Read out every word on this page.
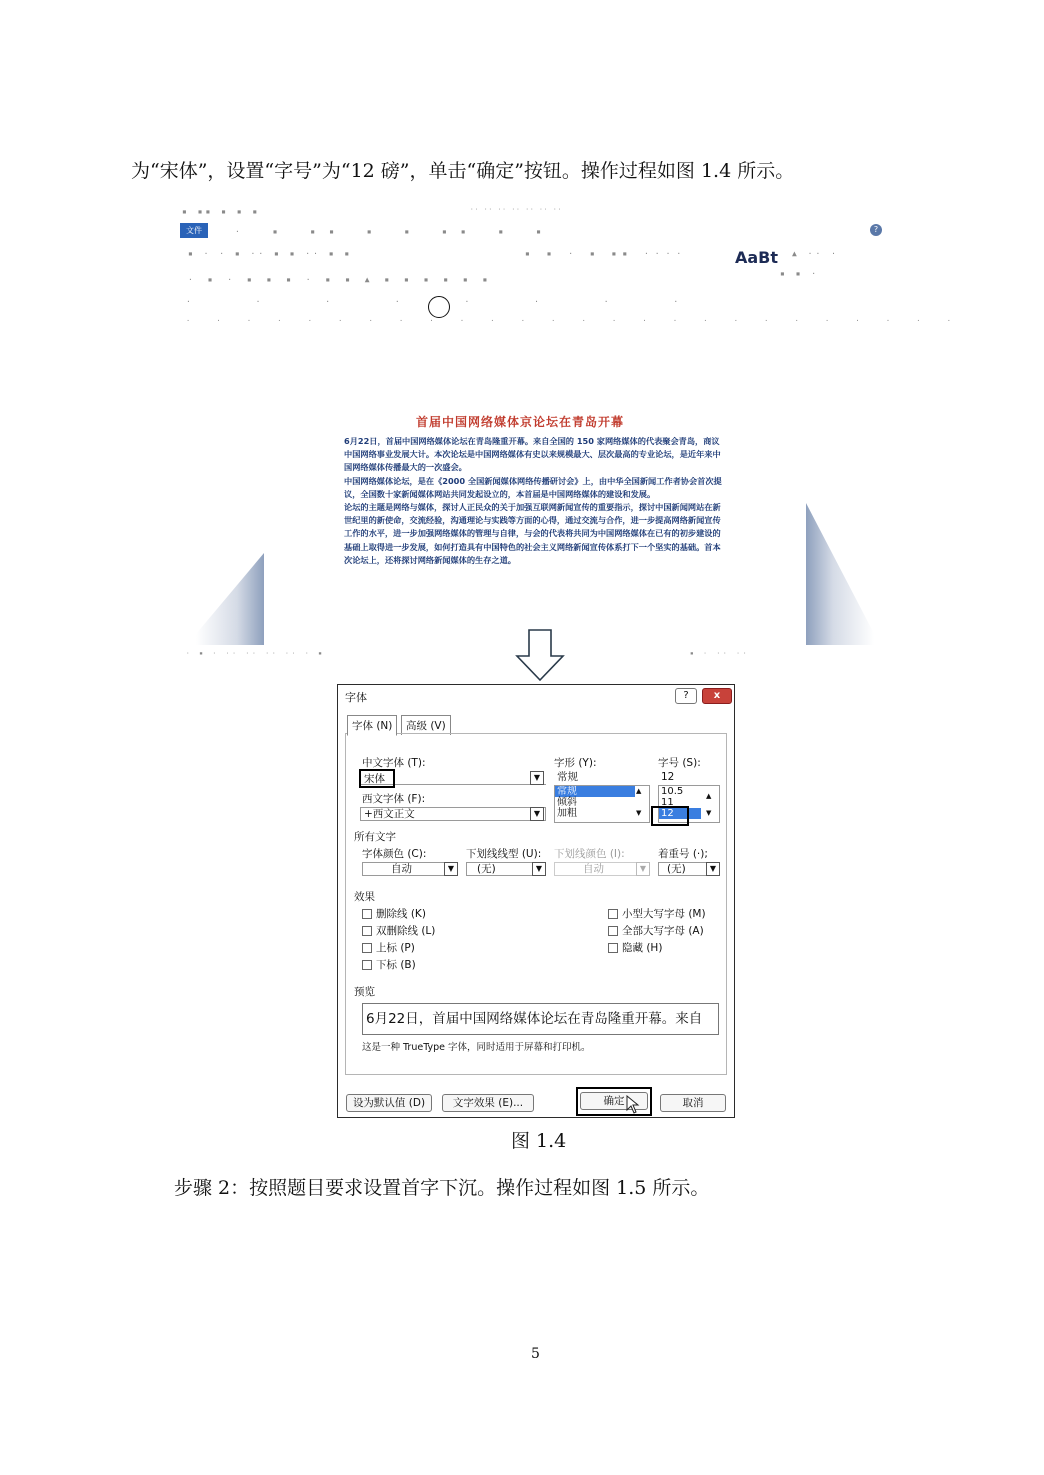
为“宋体”，设置“字号”为“12 磅”，单击“确定”按钮。操作过程如图 1.4 所示。
▪ ▪▪ ▪ ▪ ▪	·· ·· ·· ·· ·· ·· ··
文件	· ▪ ▪▪ ▪ ▪ ▪▪ ▪ ▪	?
▪ · · ▪ ·· ▪ ▪ ·· ▪ ▪	▪ ▪ · ▪ ▪▪ ····	AaBt ▲ ·· ·
· ▪ · ▪ ▪ ▪ · ▪ ▪ ▲ ▪ ▪ ▪ ▪ ▪ ▪
▪ ▪ ·
· · · · · · · ·
· · · · · · · · · · · · · · · · · · · · · · · · · ·
首届中国网络媒体京论坛在青岛开幕

6月22日，首届中国网络媒体论坛在青岛隆重开幕。来自全国的 150 家网络媒体的代表聚会青岛，商议中国网络事业发展大计。本次论坛是中国网络媒体有史以来规模最大、层次最高的专业论坛，是近年来中国网络媒体传播最大的一次盛会。

中国网络媒体论坛，是在《2000 全国新闻媒体网络传播研讨会》上，由中华全国新闻工作者协会首次提议，全国数十家新闻媒体网站共同发起设立的，本首届是中国网络媒体的建设和发展。

论坛的主题是网络与媒体，探讨人正民众的关于加强互联网新闻宣传的重要指示，探讨中国新闻网站在新世纪里的新使命，交流经验，沟通理论与实践等方面的心得，通过交流与合作，进一步提高网络新闻宣传工作的水平，进一步加强网络媒体的管理与自律，与会的代表将共同为中国网络媒体在已有的初步建设的基础上取得进一步发展，如何打造具有中国特色的社会主义网络新闻宣传体系打下一个坚实的基础。首本次论坛上，还将探讨网络新闻媒体的生存之道。

· ▪ · ·· ·· ·· ·· · ▪	▪ · ·· ··
字体	?	x
字体 (N)	高级 (V)
中文字体 (T):
宋体	▼
西文字体 (F):
+西文正文	▼
字形 (Y):
常规
常规
倾斜
加粗
▲
▼
字号 (S):
12
10.5
11
12
▲
▼
所有文字
字体颜色 (C):
自动	▼
下划线线型 (U):
(无)	▼
下划线颜色 (I):
自动	▼
着重号 (·);
(无)	▼
效果
删除线 (K)
双删除线 (L)
上标 (P)
下标 (B)
小型大写字母 (M)
全部大写字母 (A)
隐藏 (H)
预览
6月22日，首届中国网络媒体论坛在青岛隆重开幕。来自
这是一种 TrueType 字体，同时适用于屏幕和打印机。
设为默认值 (D)	文字效果 (E)...	确定	取消
图 1.4
步骤 2：按照题目要求设置首字下沉。操作过程如图 1.5 所示。
5
